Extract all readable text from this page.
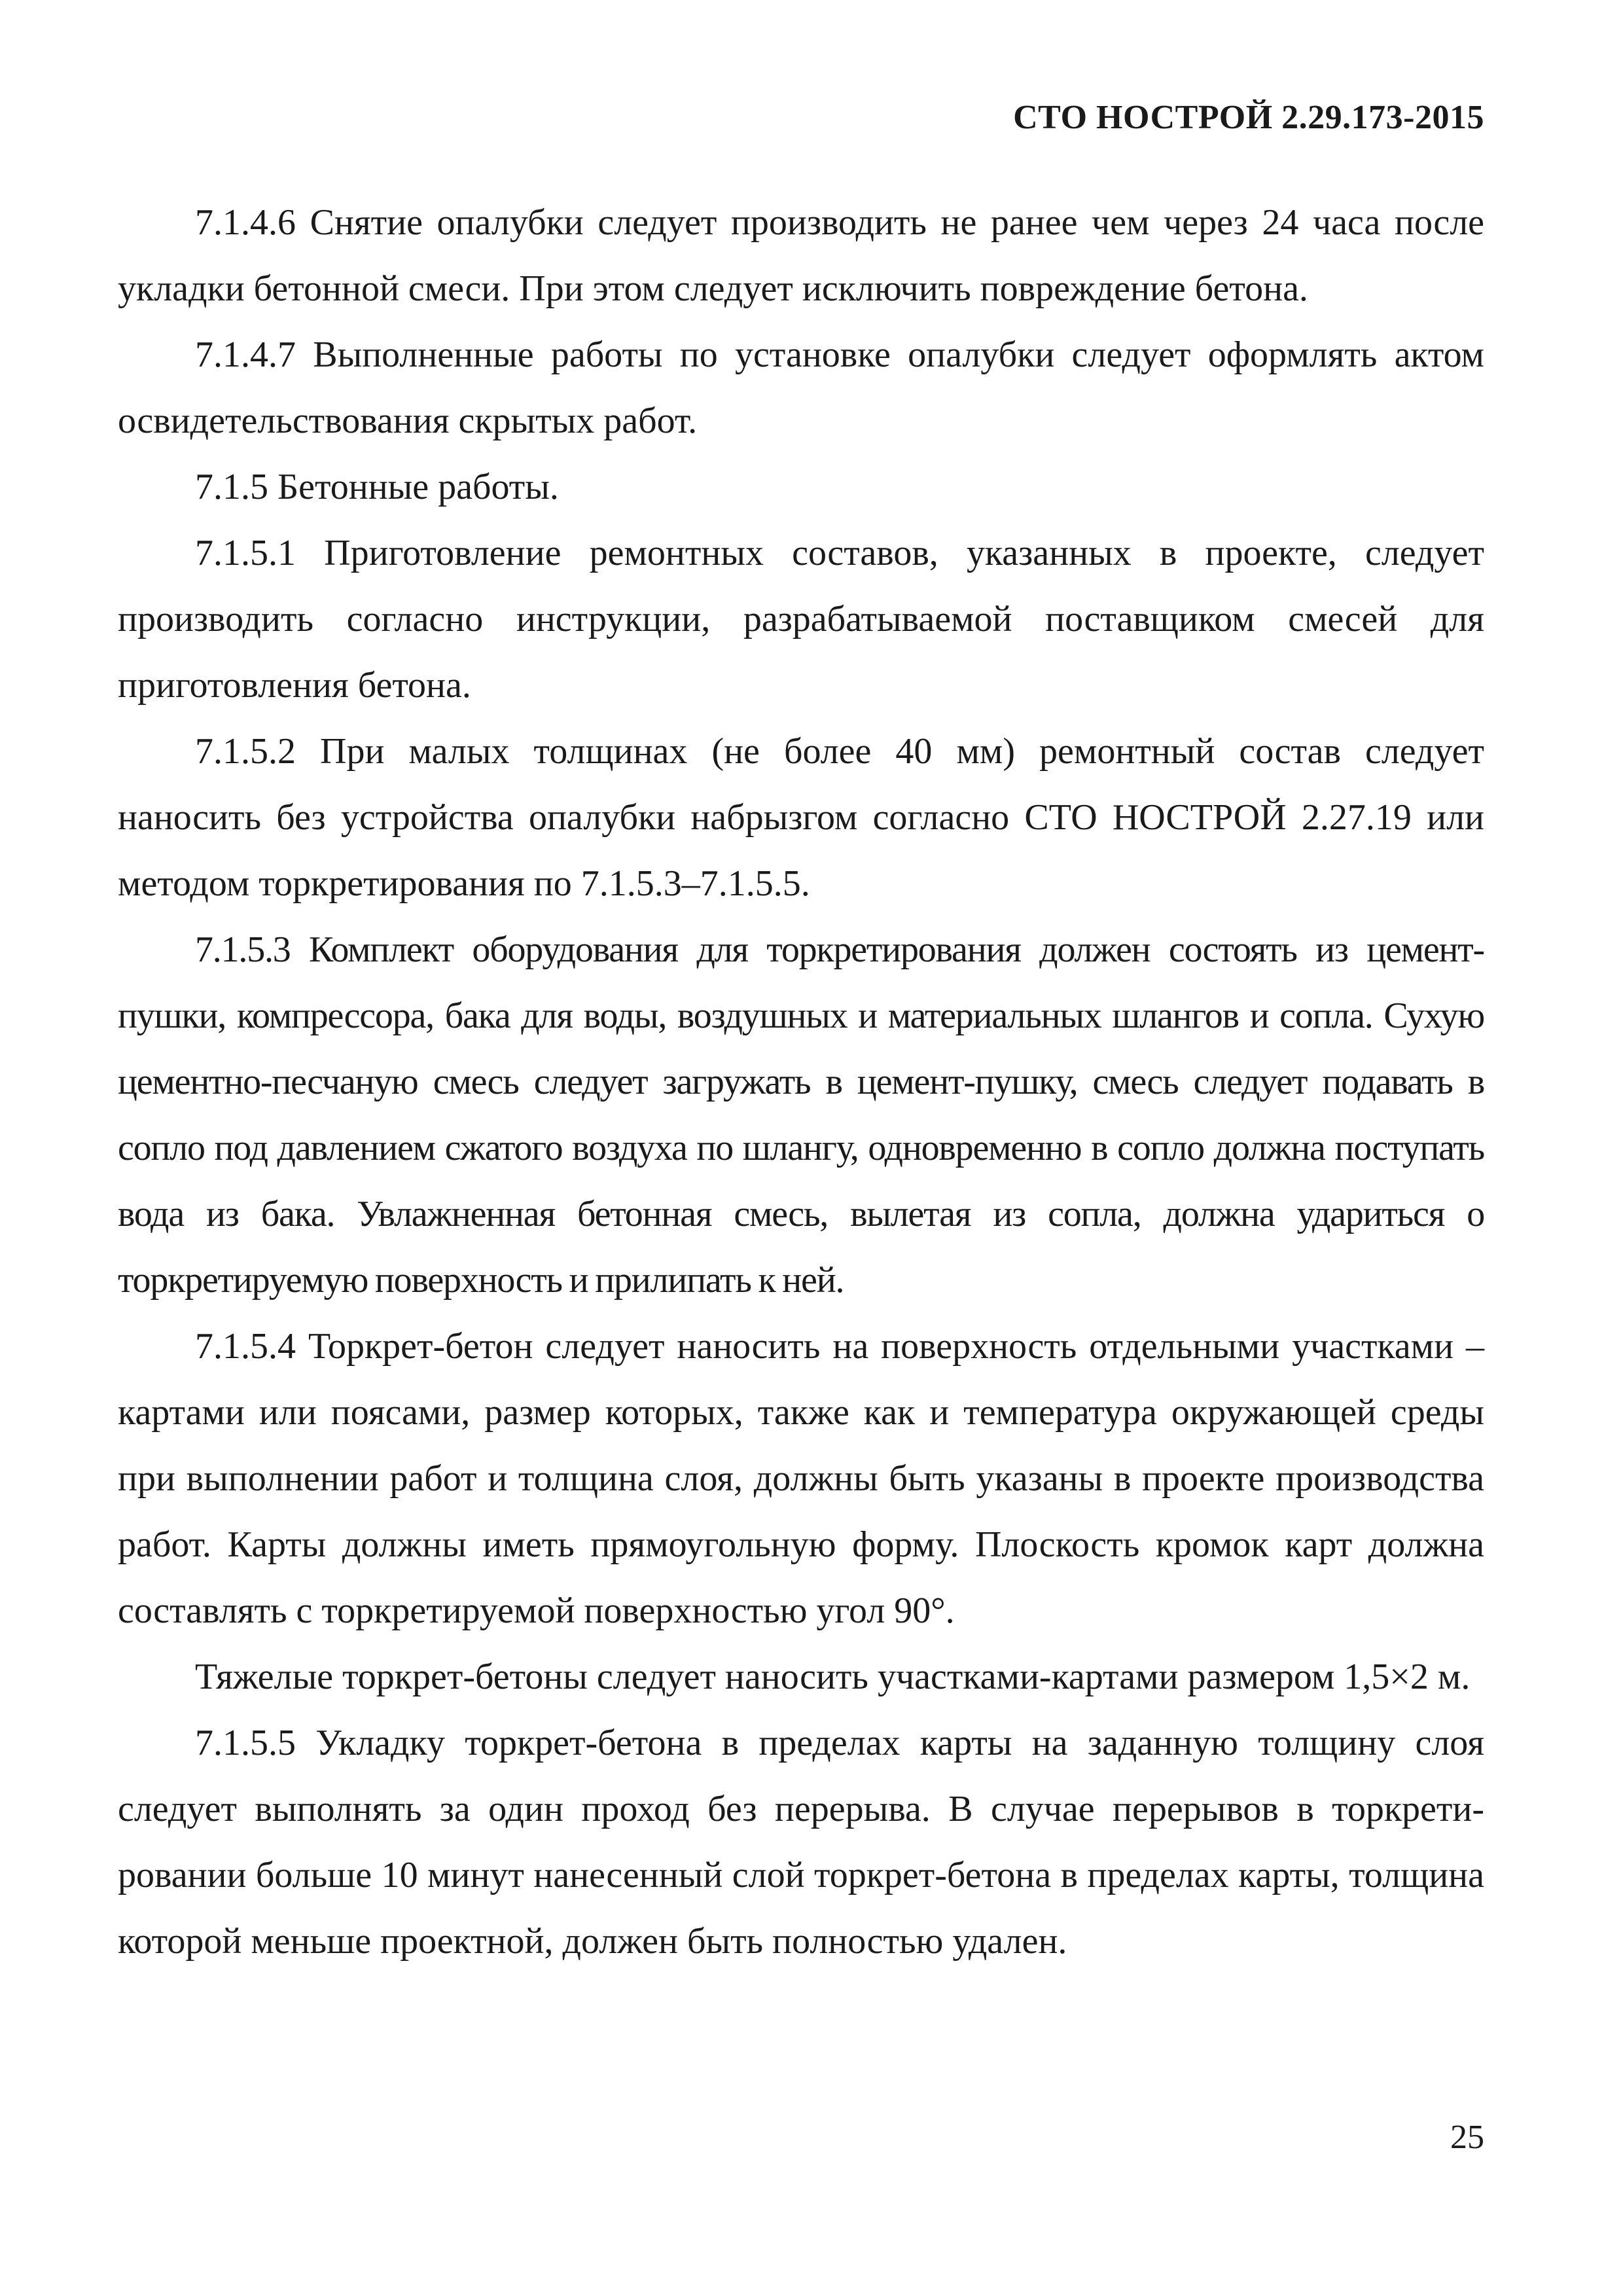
СТО НОСТРОЙ 2.29.173-2015

7.1.4.6 Снятие опалубки следует производить не ранее чем через 24 часа после укладки бетонной смеси. При этом следует исключить повреждение бетона.

7.1.4.7 Выполненные работы по установке опалубки следует оформлять актом освидетельствования скрытых работ.

7.1.5 Бетонные работы.

7.1.5.1 Приготовление ремонтных составов, указанных в проекте, следует производить согласно инструкции, разрабатываемой поставщиком смесей для приготовления бетона.

7.1.5.2 При малых толщинах (не более 40 мм) ремонтный состав следует наносить без устройства опалубки набрызгом согласно СТО НОСТРОЙ 2.27.19 или методом торкретирования по 7.1.5.3–7.1.5.5.

7.1.5.3 Комплект оборудования для торкретирования должен состоять из цемент-пушки, компрессора, бака для воды, воздушных и материальных шлангов и сопла. Сухую цементно-песчаную смесь следует загружать в цемент-пушку, смесь следует подавать в сопло под давлением сжатого воздуха по шлангу, одновременно в сопло должна поступать вода из бака. Увлажненная бетонная смесь, вылетая из сопла, должна удариться о торкретируемую поверхность и прилипать к ней.

7.1.5.4 Торкрет-бетон следует наносить на поверхность отдельными участками – картами или поясами, размер которых, также как и температура окружающей среды при выполнении работ и толщина слоя, должны быть указаны в проекте производства работ. Карты должны иметь прямоугольную форму. Плоскость кромок карт должна составлять с торкретируемой поверхностью угол 90°.

Тяжелые торкрет-бетоны следует наносить участками-картами размером 1,5×2 м.

7.1.5.5 Укладку торкрет-бетона в пределах карты на заданную толщину слоя следует выполнять за один проход без перерыва. В случае перерывов в торкретировании больше 10 минут нанесенный слой торкрет-бетона в пределах карты, толщина которой меньше проектной, должен быть полностью удален.

25
